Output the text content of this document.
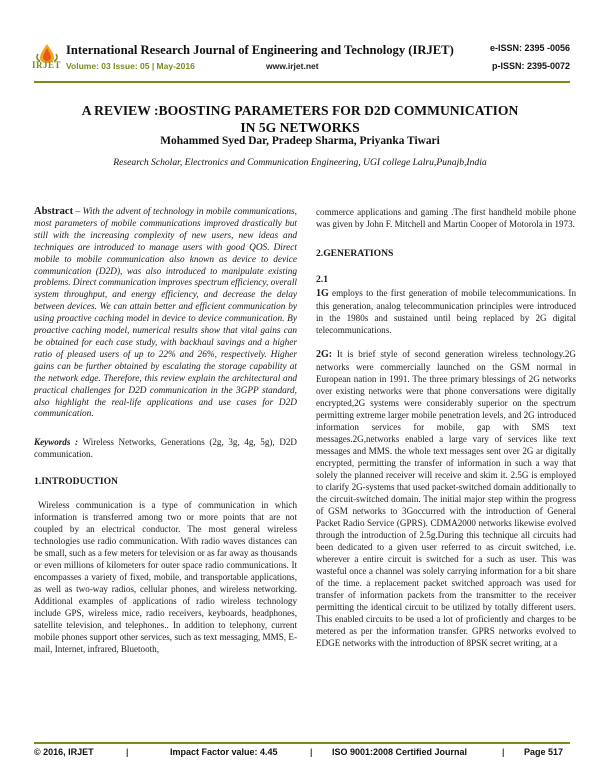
IRJET
International Research Journal of Engineering and Technology (IRJET)	e-ISSN: 2395 -0056
Volume: 03 Issue: 05 | May-2016	www.irjet.net	p-ISSN: 2395-0072
A REVIEW :BOOSTING PARAMETERS FOR D2D COMMUNICATION
IN 5G NETWORKS
Mohammed Syed Dar, Pradeep Sharma, Priyanka Tiwari
Research Scholar, Electronics and Communication Engineering, UGI college Lalru,Punajb,India

Abstract – With the advent of technology in mobile communications, most parameters of mobile communications improved drastically but still with the increasing complexity of new users, new ideas and techniques are introduced to manage users with good QOS. Direct mobile to mobile communication also known as device to device communication (D2D), was also introduced to manipulate existing problems. Direct communication improves spectrum efficiency, overall system throughput, and energy efficiency, and decrease the delay between devices. We can attain better and efficient communication by using proactive caching model in device to device communication. By proactive caching model, numerical results show that vital gains can be obtained for each case study, with backhaul savings and a higher ratio of pleased users of up to 22% and 26%, respectively. Higher gains can be further obtained by escalating the storage capability at the network edge. Therefore, this review explain the architectural and practical challenges for D2D communication in the 3GPP standard, also highlight the real-life applications and use cases for D2D communication.

Keywords : Wireless Networks, Generations (2g, 3g, 4g, 5g), D2D communication.

1.INTRODUCTION

Wireless communication is a type of communication in which information is transferred among two or more points that are not coupled by an electrical conductor. The most general wireless technologies use radio communication. With radio waves distances can be small, such as a few meters for television or as far away as thousands or even millions of kilometers for outer space radio communications. It encompasses a variety of fixed, mobile, and transportable applications, as well as two-way radios, cellular phones, and wireless networking. Additional examples of applications of radio wireless technology include GPS, wireless mice, radio receivers, keyboards, headphones, satellite television, and telephones.. In addition to telephony, current mobile phones support other services, such as text messaging, MMS, E-mail, Internet, infrared, Bluetooth,

commerce applications and gaming .The first handheld mobile phone was given by John F. Mitchell and Martin Cooper of Motorola in 1973.

2.GENERATIONS
2.1

1G employs to the first generation of mobile telecommunications. In this generation, analog telecommunication principles were introduced in the 1980s and sustained until being replaced by 2G digital telecommunications.

2G: It is brief style of second generation wireless technology.2G networks were commercially launched on the GSM normal in European nation in 1991. The three primary blessings of 2G networks over existing networks were that phone conversations were digitally encrypted,2G systems were considerably superior on the spectrum permitting extreme larger mobile penetration levels, and 2G introduced information services for mobile, gap with SMS text messages.2G,networks enabled a large vary of services like text messages and MMS. the whole text messages sent over 2G ar digitally encrypted, permitting the transfer of information in such a way that solely the planned receiver will receive and skim it. 2.5G is employed to clarify 2G-systems that used packet-switched domain additionally to the circuit-switched domain. The initial major step within the progress of GSM networks to 3Goccurred with the introduction of General Packet Radio Service (GPRS). CDMA2000 networks likewise evolved through the introduction of 2.5g.During this technique all circuits had been dedicated to a given user referred to as circuit switched, i.e. wherever a entire circuit is switched for a such as user. This was wasteful once a channel was solely carrying information for a bit share of the time. a replacement packet switched approach was used for transfer of information packets from the transmitter to the receiver permitting the identical circuit to be utilized by totally different users. This enabled circuits to be used a lot of proficiently and charges to be metered as per the information transfer. GPRS networks evolved to EDGE networks with the introduction of 8PSK secret writing, at a

© 2016, IRJET	|	Impact Factor value: 4.45	| ISO 9001:2008 Certified Journal	| Page 517
